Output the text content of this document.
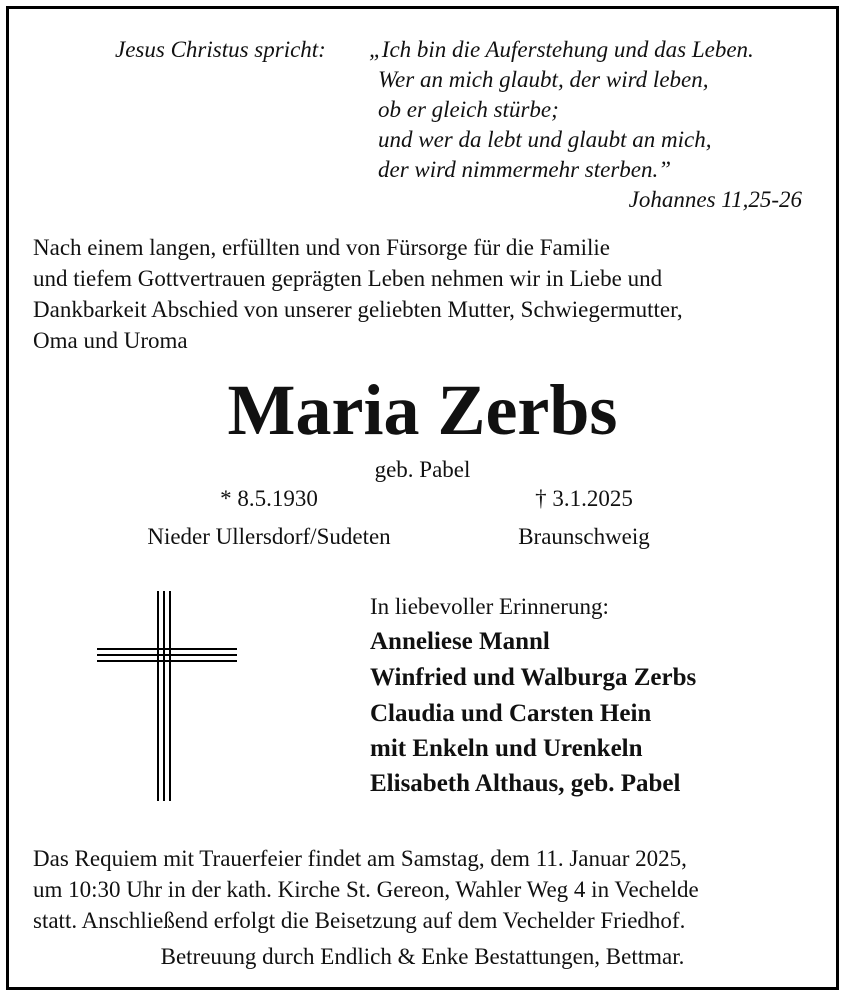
Jesus Christus spricht: „Ich bin die Auferstehung und das Leben.
Wer an mich glaubt, der wird leben,
ob er gleich stürbe;
und wer da lebt und glaubt an mich,
der wird nimmermehr sterben.”
Johannes 11,25-26
Nach einem langen, erfüllten und von Fürsorge für die Familie
und tiefem Gottvertrauen geprägten Leben nehmen wir in Liebe und
Dankbarkeit Abschied von unserer geliebten Mutter, Schwiegermutter,
Oma und Uroma
Maria Zerbs
geb. Pabel
* 8.5.1930	† 3.1.2025
Nieder Ullersdorf/Sudeten	Braunschweig
In liebevoller Erinnerung:
Anneliese Mannl
Winfried und Walburga Zerbs
Claudia und Carsten Hein
mit Enkeln und Urenkeln
Elisabeth Althaus, geb. Pabel
Das Requiem mit Trauerfeier findet am Samstag, dem 11. Januar 2025,
um 10:30 Uhr in der kath. Kirche St. Gereon, Wahler Weg 4 in Vechelde
statt. Anschließend erfolgt die Beisetzung auf dem Vechelder Friedhof.
Betreuung durch Endlich & Enke Bestattungen, Bettmar.
